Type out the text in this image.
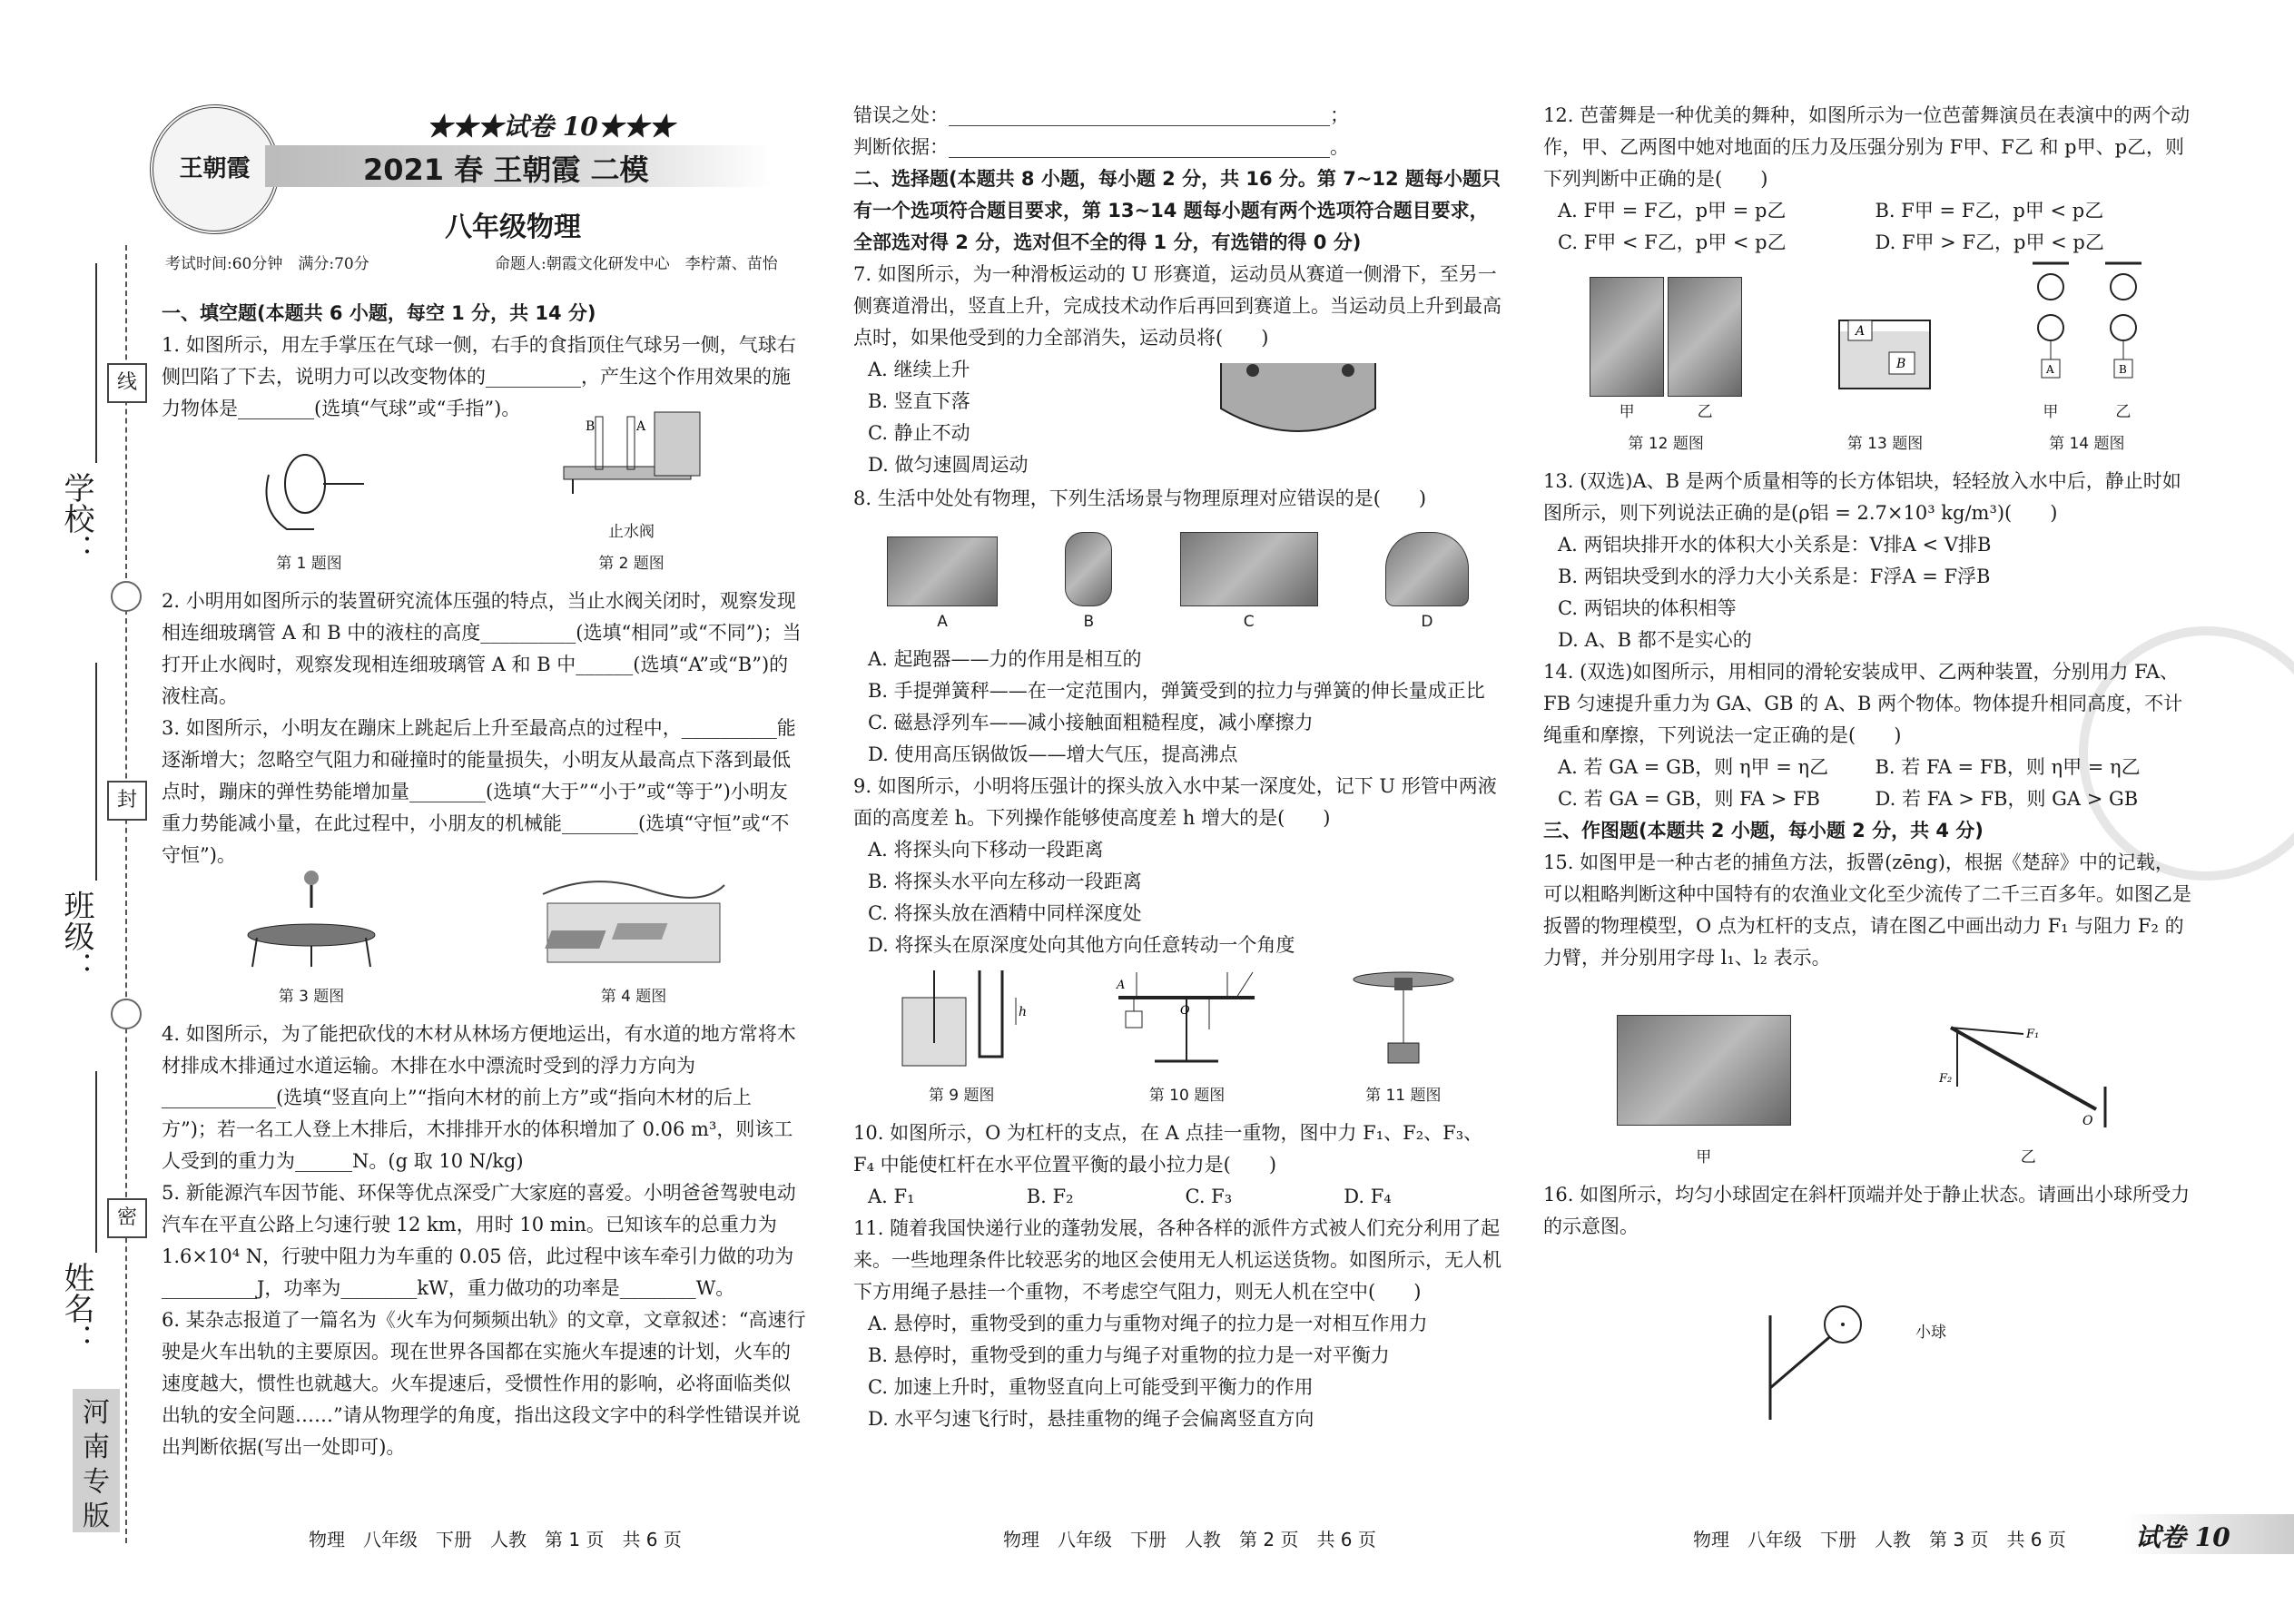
学校：
班级：
姓名：
线
封
密
河南专版
王朝霞
★★★试卷 10★★★
2021 春 王朝霞 二模
八年级物理
考试时间:60分钟　满分:70分	命题人:朝霞文化研发中心　李柠萧、苗怡

一、填空题(本题共 6 小题，每空 1 分，共 14 分)

1. 如图所示，用左手掌压在气球一侧，右手的食指顶住气球另一侧，气球右侧凹陷了下去，说明力可以改变物体的__________，产生这个作用效果的施力物体是________(选填“气球”或“手指”)。

第 1 题图
B	A
止水阀
第 2 题图

2. 小明用如图所示的装置研究流体压强的特点，当止水阀关闭时，观察发现相连细玻璃管 A 和 B 中的液柱的高度__________(选填“相同”或“不同”)；当打开止水阀时，观察发现相连细玻璃管 A 和 B 中______(选填“A”或“B”)的液柱高。

3. 如图所示，小明友在蹦床上跳起后上升至最高点的过程中，__________能逐渐增大；忽略空气阻力和碰撞时的能量损失，小明友从最高点下落到最低点时，蹦床的弹性势能增加量________(选填“大于”“小于”或“等于”)小明友重力势能减小量，在此过程中，小朋友的机械能________(选填“守恒”或“不守恒”)。

第 3 题图	第 4 题图

4. 如图所示，为了能把砍伐的木材从林场方便地运出，有水道的地方常将木材排成木排通过水道运输。木排在水中漂流时受到的浮力方向为____________(选填“竖直向上”“指向木材的前上方”或“指向木材的后上方”)；若一名工人登上木排后，木排排开水的体积增加了 0.06 m³，则该工人受到的重力为______N。(g 取 10 N/kg)

5. 新能源汽车因节能、环保等优点深受广大家庭的喜爱。小明爸爸驾驶电动汽车在平直公路上匀速行驶 12 km，用时 10 min。已知该车的总重力为 1.6×10⁴ N，行驶中阻力为车重的 0.05 倍，此过程中该车牵引力做的功为__________J，功率为________kW，重力做功的功率是________W。

6. 某杂志报道了一篇名为《火车为何频频出轨》的文章，文章叙述：“高速行驶是火车出轨的主要原因。现在世界各国都在实施火车提速的计划，火车的速度越大，惯性也就越大。火车提速后，受惯性作用的影响，必将面临类似出轨的安全问题……”请从物理学的角度，指出这段文字中的科学性错误并说出判断依据(写出一处即可)。

物理　八年级　下册　人教　第 1 页　共 6 页

错误之处：________________________________________；

判断依据：________________________________________。

二、选择题(本题共 8 小题，每小题 2 分，共 16 分。第 7~12 题每小题只有一个选项符合题目要求，第 13~14 题每小题有两个选项符合题目要求，全部选对得 2 分，选对但不全的得 1 分，有选错的得 0 分)

7. 如图所示，为一种滑板运动的 U 形赛道，运动员从赛道一侧滑下，至另一侧赛道滑出，竖直上升，完成技术动作后再回到赛道上。当运动员上升到最高点时，如果他受到的力全部消失，运动员将(　　)

A. 继续上升

B. 竖直下落

C. 静止不动

D. 做匀速圆周运动

8. 生活中处处有物理，下列生活场景与物理原理对应错误的是(　　)

A	B	C	D

A. 起跑器——力的作用是相互的

B. 手提弹簧秤——在一定范围内，弹簧受到的拉力与弹簧的伸长量成正比

C. 磁悬浮列车——减小接触面粗糙程度，减小摩擦力

D. 使用高压锅做饭——增大气压，提高沸点

9. 如图所示，小明将压强计的探头放入水中某一深度处，记下 U 形管中两液面的高度差 h。下列操作能够使高度差 h 增大的是(　　)

A. 将探头向下移动一段距离

B. 将探头水平向左移动一段距离

C. 将探头放在酒精中同样深度处

D. 将探头在原深度处向其他方向任意转动一个角度

h
第 9 题图
O
A
第 10 题图	第 11 题图

10. 如图所示，O 为杠杆的支点，在 A 点挂一重物，图中力 F₁、F₂、F₃、F₄ 中能使杠杆在水平位置平衡的最小拉力是(　　)

A. F₁	B. F₂	C. F₃	D. F₄

11. 随着我国快递行业的蓬勃发展，各种各样的派件方式被人们充分利用了起来。一些地理条件比较恶劣的地区会使用无人机运送货物。如图所示，无人机下方用绳子悬挂一个重物，不考虑空气阻力，则无人机在空中(　　)

A. 悬停时，重物受到的重力与重物对绳子的拉力是一对相互作用力

B. 悬停时，重物受到的重力与绳子对重物的拉力是一对平衡力

C. 加速上升时，重物竖直向上可能受到平衡力的作用

D. 水平匀速飞行时，悬挂重物的绳子会偏离竖直方向

物理　八年级　下册　人教　第 2 页　共 6 页

12. 芭蕾舞是一种优美的舞种，如图所示为一位芭蕾舞演员在表演中的两个动作，甲、乙两图中她对地面的压力及压强分别为 F甲、F乙 和 p甲、p乙，则下列判断中正确的是(　　)

A. F甲 = F乙，p甲 = p乙	B. F甲 = F乙，p甲 < p乙
C. F甲 < F乙，p甲 < p乙	D. F甲 > F乙，p甲 < p乙
甲	乙
第 12 题图
A
B
第 13 题图
A
甲
B
乙
第 14 题图

13. (双选)A、B 是两个质量相等的长方体铝块，轻轻放入水中后，静止时如图所示，则下列说法正确的是(ρ铝 = 2.7×10³ kg/m³)(　　)

A. 两铝块排开水的体积大小关系是：V排A < V排B

B. 两铝块受到水的浮力大小关系是：F浮A = F浮B

C. 两铝块的体积相等

D. A、B 都不是实心的

14. (双选)如图所示，用相同的滑轮安装成甲、乙两种装置，分别用力 FA、FB 匀速提升重力为 GA、GB 的 A、B 两个物体。物体提升相同高度，不计绳重和摩擦，下列说法一定正确的是(　　)

A. 若 GA = GB，则 η甲 = η乙	B. 若 FA = FB，则 η甲 = η乙
C. 若 GA = GB，则 FA > FB	D. 若 FA > FB，则 GA > GB

三、作图题(本题共 2 小题，每小题 2 分，共 4 分)

15. 如图甲是一种古老的捕鱼方法，扳罾(zēng)，根据《楚辞》中的记载，可以粗略判断这种中国特有的农渔业文化至少流传了二千三百多年。如图乙是扳罾的物理模型，O 点为杠杆的支点，请在图乙中画出动力 F₁ 与阻力 F₂ 的力臂，并分别用字母 l₁、l₂ 表示。

甲
O
F₁
F₂
乙

16. 如图所示，均匀小球固定在斜杆顶端并处于静止状态。请画出小球所受力的示意图。

小球
物理　八年级　下册　人教　第 3 页　共 6 页	试卷 10
